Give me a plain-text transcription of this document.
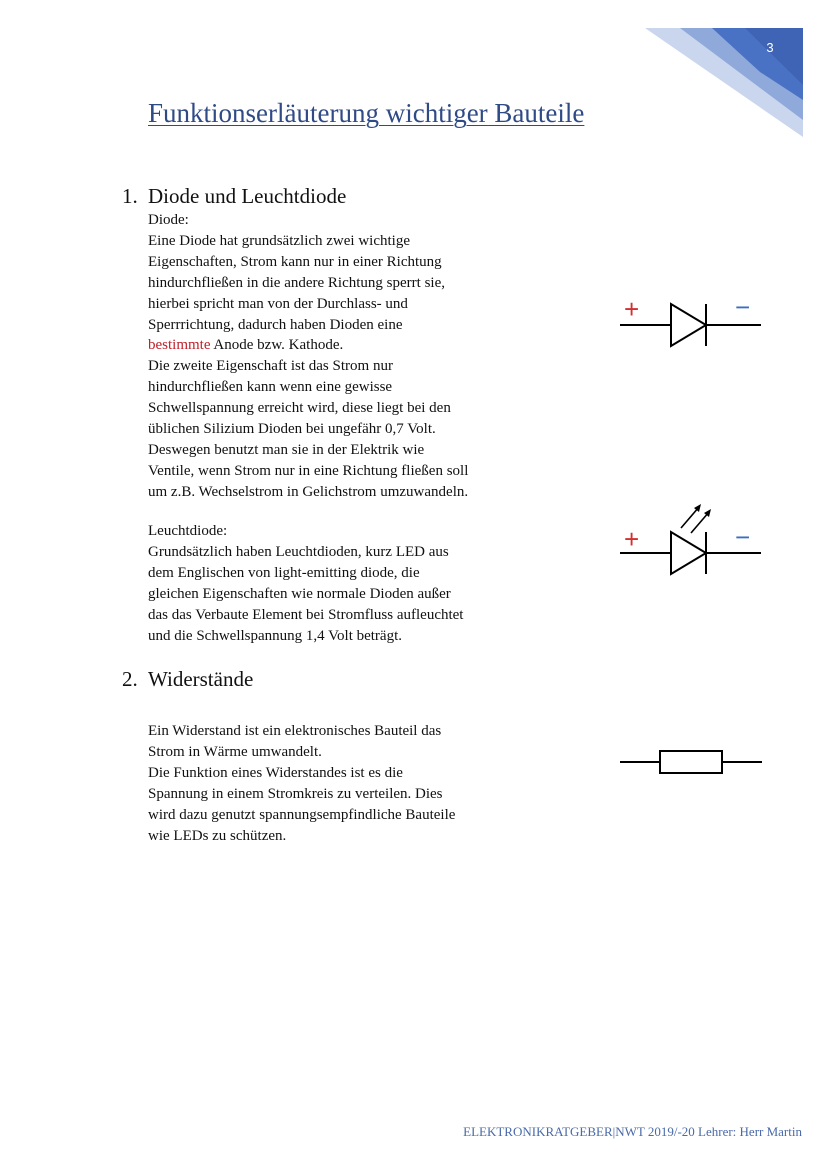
3
Funktionserläuterung wichtiger Bauteile
1. Diode und Leuchtdiode
Diode:
Eine Diode hat grundsätzlich zwei wichtige
Eigenschaften, Strom kann nur in einer Richtung
hindurchfließen in die andere Richtung sperrt sie,
hierbei spricht man von der Durchlass- und
Sperrrichtung, dadurch haben Dioden eine
bestimmte Anode bzw. Kathode.
Die zweite Eigenschaft ist das Strom nur
hindurchfließen kann wenn eine gewisse
Schwellspannung erreicht wird, diese liegt bei den
üblichen Silizium Dioden bei ungefähr 0,7 Volt.
Deswegen benutzt man sie in der Elektrik wie
Ventile, wenn Strom nur in eine Richtung fließen soll
um z.B. Wechselstrom in Gelichstrom umzuwandeln.
Leuchtdiode:
Grundsätzlich haben Leuchtdioden, kurz LED aus
dem Englischen von light-emitting diode, die
gleichen Eigenschaften wie normale Dioden außer
das das Verbaute Element bei Stromfluss aufleuchtet
und die Schwellspannung 1,4 Volt beträgt.
+	−
+	−
2. Widerstände
Ein Widerstand ist ein elektronisches Bauteil das
Strom in Wärme umwandelt.
Die Funktion eines Widerstandes ist es die
Spannung in einem Stromkreis zu verteilen. Dies
wird dazu genutzt spannungsempfindliche Bauteile
wie LEDs zu schützen.
ELEKTRONIKRATGEBER|NWT 2019/-20 Lehrer: Herr Martin
